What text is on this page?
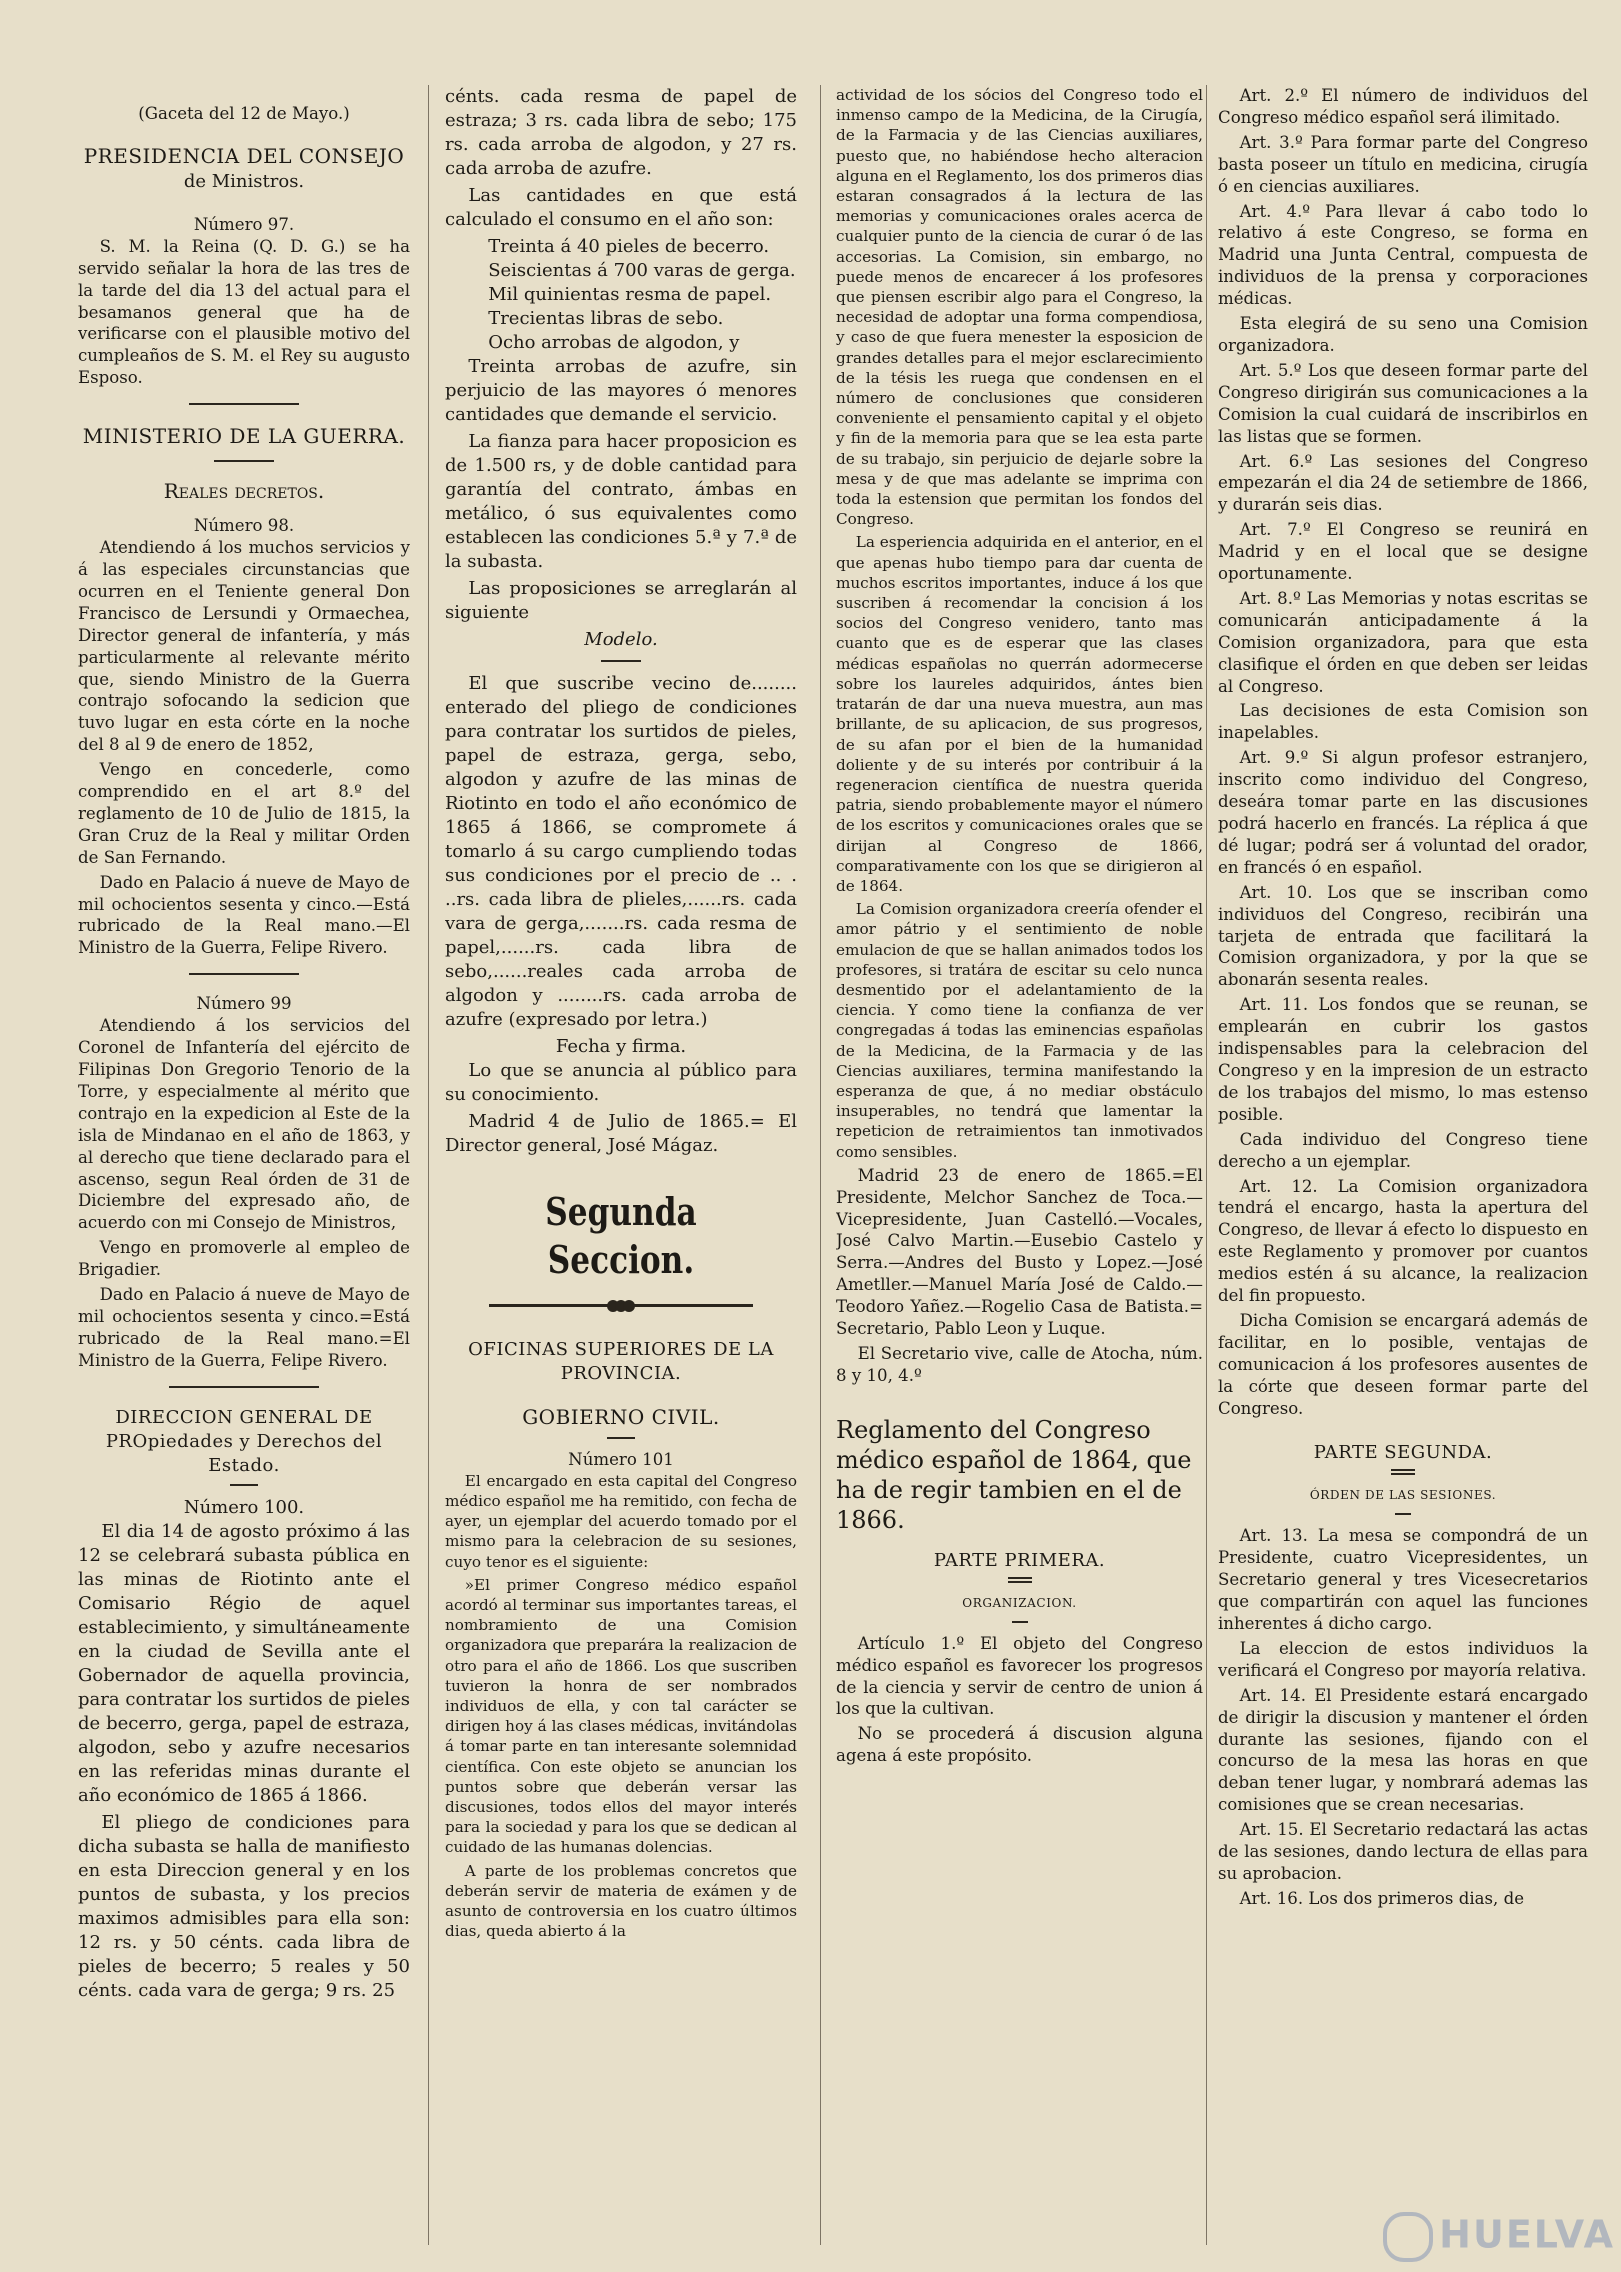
(Gaceta del 12 de Mayo.)
PRESIDENCIA DEL CONSEJO
de Ministros.
Número 97.

S. M. la Reina (Q. D. G.) se ha servido señalar la hora de las tres de la tarde del dia 13 del actual para el besamanos general que ha de verificarse con el plausible motivo del cumpleaños de S. M. el Rey su augusto Esposo.

MINISTERIO DE LA GUERRA.
Reales decretos.
Número 98.

Atendiendo á los muchos servicios y á las especiales circunstancias que ocurren en el Teniente general Don Francisco de Lersundi y Ormaechea, Director general de infantería, y más particularmente al relevante mérito que, siendo Ministro de la Guerra contrajo sofocando la sedicion que tuvo lugar en esta córte en la noche del 8 al 9 de enero de 1852,

Vengo en concederle, como comprendido en el art 8.º del reglamento de 10 de Julio de 1815, la Gran Cruz de la Real y militar Orden de San Fernando.

Dado en Palacio á nueve de Mayo de mil ochocientos sesenta y cinco.—Está rubricado de la Real mano.—El Ministro de la Guerra, Felipe Rivero.

Número 99

Atendiendo á los servicios del Coronel de Infantería del ejército de Filipinas Don Gregorio Tenorio de la Torre, y especialmente al mérito que contrajo en la expedicion al Este de la isla de Mindanao en el año de 1863, y al derecho que tiene declarado para el ascenso, segun Real órden de 31 de Diciembre del expresado año, de acuerdo con mi Consejo de Ministros,

Vengo en promoverle al empleo de Brigadier.

Dado en Palacio á nueve de Mayo de mil ochocientos sesenta y cinco.=Está rubricado de la Real mano.=El Ministro de la Guerra, Felipe Rivero.

DIRECCION GENERAL DE PROpiedades y Derechos del Estado.
Número 100.

El dia 14 de agosto próximo á las 12 se celebrará subasta pública en las minas de Riotinto ante el Comisario Régio de aquel establecimiento, y simultáneamente en la ciudad de Sevilla ante el Gobernador de aquella provincia, para contratar los surtidos de pieles de becerro, gerga, papel de estraza, algodon, sebo y azufre necesarios en las referidas minas durante el año económico de 1865 á 1866.

El pliego de condiciones para dicha subasta se halla de manifiesto en esta Direccion general y en los puntos de subasta, y los precios maximos admisibles para ella son: 12 rs. y 50 cénts. cada libra de pieles de becerro; 5 reales y 50 cénts. cada vara de gerga; 9 rs. 25

cénts. cada resma de papel de estraza; 3 rs. cada libra de sebo; 175 rs. cada arroba de algodon, y 27 rs. cada arroba de azufre.

Las cantidades en que está calculado el consumo en el año son:

Treinta á 40 pieles de becerro.

Seiscientas á 700 varas de gerga.

Mil quinientas resma de papel.

Trecientas libras de sebo.

Ocho arrobas de algodon, y

Treinta arrobas de azufre, sin perjuicio de las mayores ó menores cantidades que demande el servicio.

La fianza para hacer proposicion es de 1.500 rs, y de doble cantidad para garantía del contrato, ámbas en metálico, ó sus equivalentes como establecen las condiciones 5.ª y 7.ª de la subasta.

Las proposiciones se arreglarán al siguiente

Modelo.

El que suscribe vecino de........ enterado del pliego de condiciones para contratar los surtidos de pieles, papel de estraza, gerga, sebo, algodon y azufre de las minas de Riotinto en todo el año económico de 1865 á 1866, se compromete á tomarlo á su cargo cumpliendo todas sus condiciones por el precio de .. . ..rs. cada libra de plieles,......rs. cada vara de gerga,.......rs. cada resma de papel,......rs. cada libra de sebo,......reales cada arroba de algodon y ........rs. cada arroba de azufre (expresado por letra.)

Fecha y firma.

Lo que se anuncia al público para su conocimiento.

Madrid 4 de Julio de 1865.= El Director general, José Mágaz.

Segunda Seccion.
OFICINAS SUPERIORES DE LA PROVINCIA.
GOBIERNO CIVIL.
Número 101

El encargado en esta capital del Congreso médico español me ha remitido, con fecha de ayer, un ejemplar del acuerdo tomado por el mismo para la celebracion de su sesiones, cuyo tenor es el siguiente:

»El primer Congreso médico español acordó al terminar sus importantes tareas, el nombramiento de una Comision organizadora que preparára la realizacion de otro para el año de 1866. Los que suscriben tuvieron la honra de ser nombrados individuos de ella, y con tal carácter se dirigen hoy á las clases médicas, invitándolas á tomar parte en tan interesante solemnidad científica. Con este objeto se anuncian los puntos sobre que deberán versar las discusiones, todos ellos del mayor interés para la sociedad y para los que se dedican al cuidado de las humanas dolencias.

A parte de los problemas concretos que deberán servir de materia de exámen y de asunto de controversia en los cuatro últimos dias, queda abierto á la

actividad de los sócios del Congreso todo el inmenso campo de la Medicina, de la Cirugía, de la Farmacia y de las Ciencias auxiliares, puesto que, no habiéndose hecho alteracion alguna en el Reglamento, los dos primeros dias estaran consagrados á la lectura de las memorias y comunicaciones orales acerca de cualquier punto de la ciencia de curar ó de las accesorias. La Comision, sin embargo, no puede menos de encarecer á los profesores que piensen escribir algo para el Congreso, la necesidad de adoptar una forma compendiosa, y caso de que fuera menester la esposicion de grandes detalles para el mejor esclarecimiento de la tésis les ruega que condensen en el número de conclusiones que consideren conveniente el pensamiento capital y el objeto y fin de la memoria para que se lea esta parte de su trabajo, sin perjuicio de dejarle sobre la mesa y de que mas adelante se imprima con toda la estension que permitan los fondos del Congreso.

La esperiencia adquirida en el anterior, en el que apenas hubo tiempo para dar cuenta de muchos escritos importantes, induce á los que suscriben á recomendar la concision á los socios del Congreso venidero, tanto mas cuanto que es de esperar que las clases médicas españolas no querrán adormecerse sobre los laureles adquiridos, ántes bien tratarán de dar una nueva muestra, aun mas brillante, de su aplicacion, de sus progresos, de su afan por el bien de la humanidad doliente y de su interés por contribuir á la regeneracion científica de nuestra querida patria, siendo probablemente mayor el número de los escritos y comunicaciones orales que se dirijan al Congreso de 1866, comparativamente con los que se dirigieron al de 1864.

La Comision organizadora creería ofender el amor pátrio y el sentimiento de noble emulacion de que se hallan animados todos los profesores, si tratára de escitar su celo nunca desmentido por el adelantamiento de la ciencia. Y como tiene la confianza de ver congregadas á todas las eminencias españolas de la Medicina, de la Farmacia y de las Ciencias auxiliares, termina manifestando la esperanza de que, á no mediar obstáculo insuperables, no tendrá que lamentar la repeticion de retraimientos tan inmotivados como sensibles.

Madrid 23 de enero de 1865.=El Presidente, Melchor Sanchez de Toca.—Vicepresidente, Juan Castelló.—Vocales, José Calvo Martin.—Eusebio Castelo y Serra.—Andres del Busto y Lopez.—José Ametller.—Manuel María José de Caldo.—Teodoro Yañez.—Rogelio Casa de Batista.= Secretario, Pablo Leon y Luque.

El Secretario vive, calle de Atocha, núm. 8 y 10, 4.º

Reglamento del Congreso médico español de 1864, que ha de regir tambien en el de 1866.

PARTE PRIMERA.
ORGANIZACION.

Artículo 1.º El objeto del Congreso médico español es favorecer los progresos de la ciencia y servir de centro de union á los que la cultivan.

No se procederá á discusion alguna agena á este propósito.

Art. 2.º El número de individuos del Congreso médico español será ilimitado.

Art. 3.º Para formar parte del Congreso basta poseer un título en medicina, cirugía ó en ciencias auxiliares.

Art. 4.º Para llevar á cabo todo lo relativo á este Congreso, se forma en Madrid una Junta Central, compuesta de individuos de la prensa y corporaciones médicas.

Esta elegirá de su seno una Comision organizadora.

Art. 5.º Los que deseen formar parte del Congreso dirigirán sus comunicaciones a la Comision la cual cuidará de inscribirlos en las listas que se formen.

Art. 6.º Las sesiones del Congreso empezarán el dia 24 de setiembre de 1866, y durarán seis dias.

Art. 7.º El Congreso se reunirá en Madrid y en el local que se designe oportunamente.

Art. 8.º Las Memorias y notas escritas se comunicarán anticipadamente á la Comision organizadora, para que esta clasifique el órden en que deben ser leidas al Congreso.

Las decisiones de esta Comision son inapelables.

Art. 9.º Si algun profesor estranjero, inscrito como individuo del Congreso, deseára tomar parte en las discusiones podrá hacerlo en francés. La réplica á que dé lugar; podrá ser á voluntad del orador, en francés ó en español.

Art. 10. Los que se inscriban como individuos del Congreso, recibirán una tarjeta de entrada que facilitará la Comision organizadora, y por la que se abonarán sesenta reales.

Art. 11. Los fondos que se reunan, se emplearán en cubrir los gastos indispensables para la celebracion del Congreso y en la impresion de un estracto de los trabajos del mismo, lo mas estenso posible.

Cada individuo del Congreso tiene derecho a un ejemplar.

Art. 12. La Comision organizadora tendrá el encargo, hasta la apertura del Congreso, de llevar á efecto lo dispuesto en este Reglamento y promover por cuantos medios estén á su alcance, la realizacion del fin propuesto.

Dicha Comision se encargará además de facilitar, en lo posible, ventajas de comunicacion á los profesores ausentes de la córte que deseen formar parte del Congreso.

PARTE SEGUNDA.
ÓRDEN DE LAS SESIONES.

Art. 13. La mesa se compondrá de un Presidente, cuatro Vicepresidentes, un Secretario general y tres Vicesecretarios que compartirán con aquel las funciones inherentes á dicho cargo.

La eleccion de estos individuos la verificará el Congreso por mayoría relativa.

Art. 14. El Presidente estará encargado de dirigir la discusion y mantener el órden durante las sesiones, fijando con el concurso de la mesa las horas en que deban tener lugar, y nombrará ademas las comisiones que se crean necesarias.

Art. 15. El Secretario redactará las actas de las sesiones, dando lectura de ellas para su aprobacion.

Art. 16. Los dos primeros dias, de

HUELVA
